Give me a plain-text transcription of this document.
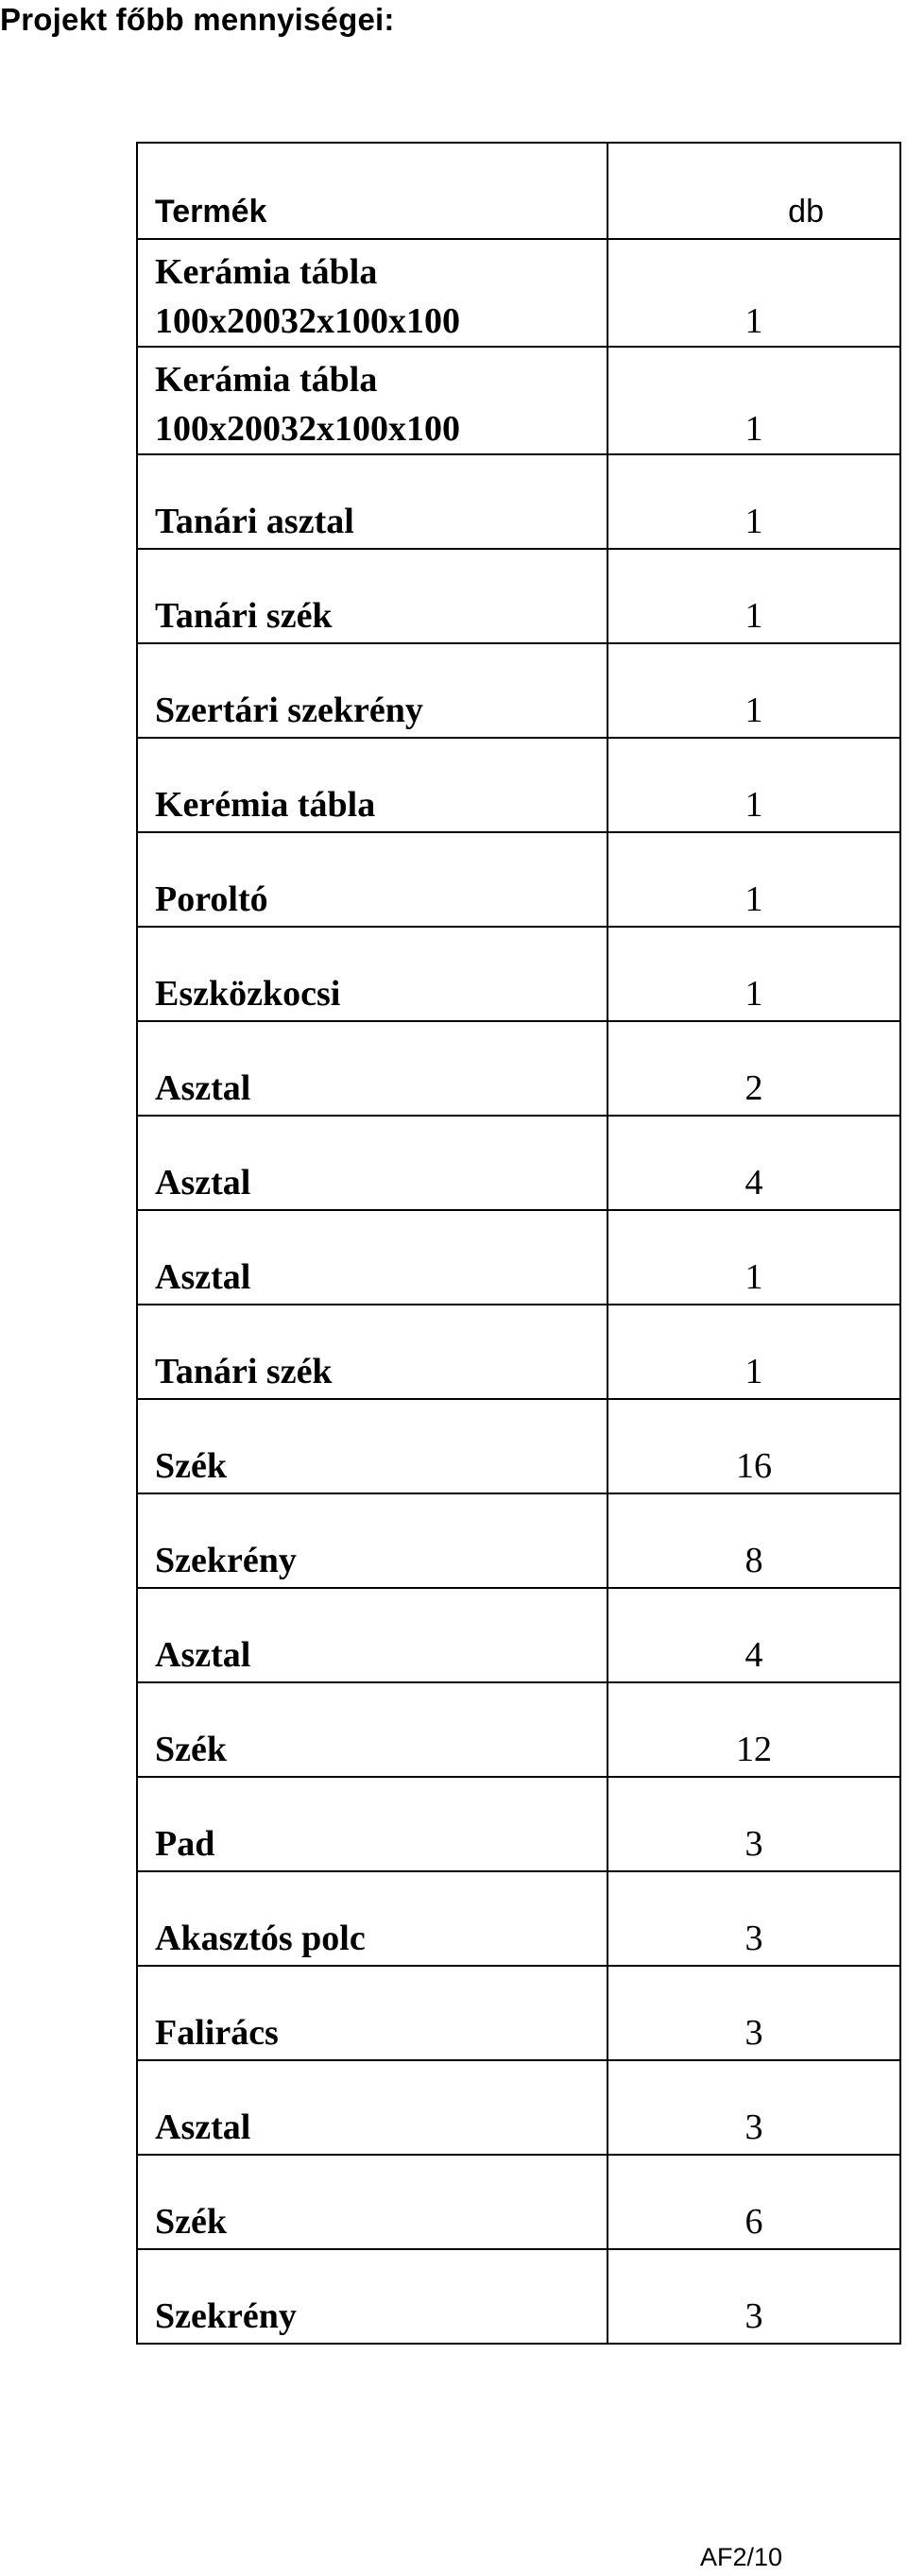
Projekt főbb mennyiségei:
Termék	db

Kerámia tábla
100x20032x100x100	1

Kerámia tábla
100x20032x100x100	1
Tanári asztal	1
Tanári szék	1
Szertári szekrény	1
Kerémia tábla	1
Poroltó	1
Eszközkocsi	1
Asztal	2
Asztal	4
Asztal	1
Tanári szék	1
Szék	16
Szekrény	8
Asztal	4
Szék	12
Pad	3
Akasztós polc	3
Falirács	3
Asztal	3
Szék	6
Szekrény	3
AF2/10
